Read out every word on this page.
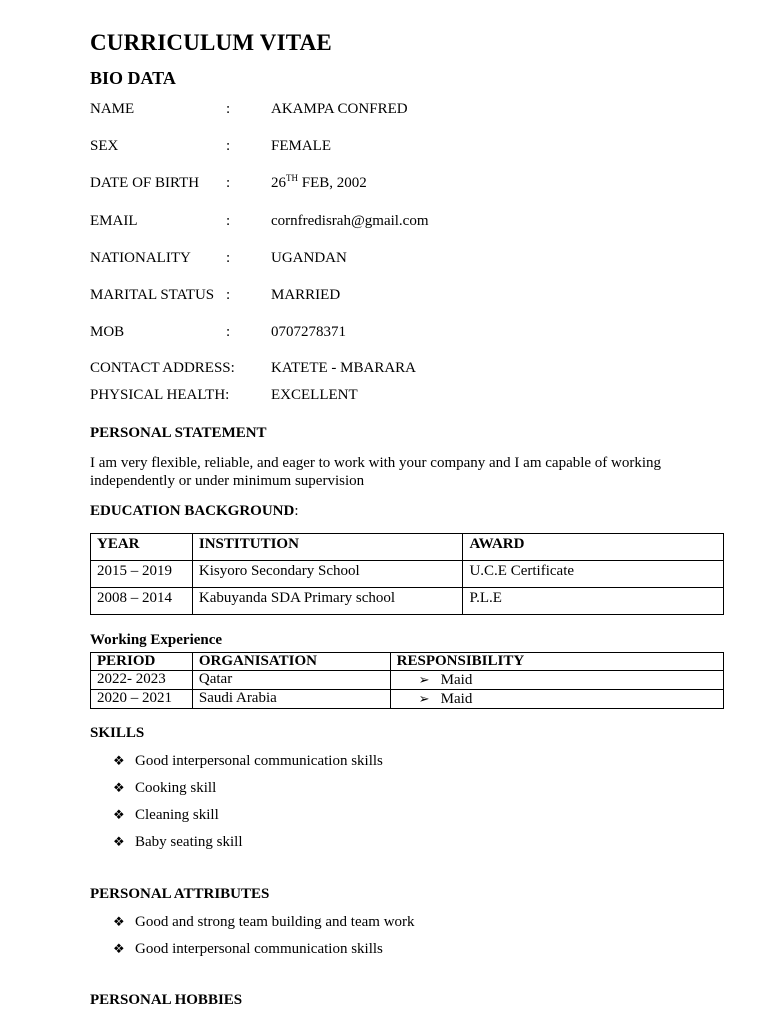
CURRICULUM VITAE
BIO DATA
NAME	:	AKAMPA CONFRED
SEX	:	FEMALE
DATE OF BIRTH :	26TH FEB, 2002
EMAIL	:	cornfredisrah@gmail.com
NATIONALITY :	UGANDAN
MARITAL STATUS :	MARRIED
MOB	:	0707278371
CONTACT ADDRESS: KATETE - MBARARA
PHYSICAL HEALTH:	EXCELLENT
PERSONAL STATEMENT
I am very flexible, reliable, and eager to work with your company and I am capable of working independently or under minimum supervision
EDUCATION BACKGROUND:
YEAR	INSTITUTION	AWARD
2015 – 2019	Kisyoro Secondary School	U.C.E Certificate
2008 – 2014	Kabuyanda SDA Primary school	P.L.E
Working Experience
PERIOD	ORGANISATION	RESPONSIBILITY
2022- 2023	Qatar	➢ Maid
2020 – 2021	Saudi Arabia	➢ Maid
SKILLS
❖ Good interpersonal communication skills
❖ Cooking skill
❖ Cleaning skill
❖ Baby seating skill
PERSONAL ATTRIBUTES
❖ Good and strong team building and team work
❖ Good interpersonal communication skills
PERSONAL HOBBIES
